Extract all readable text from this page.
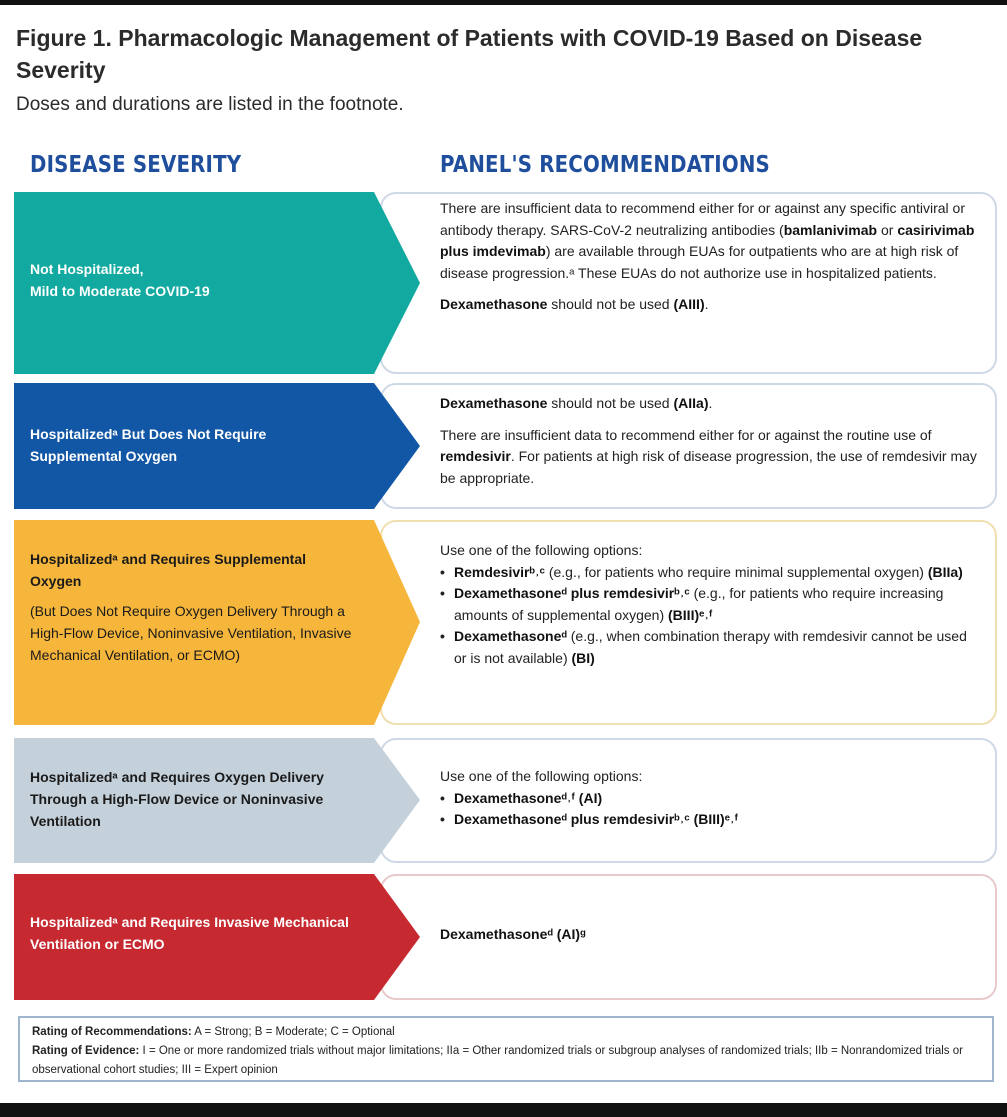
Figure 1. Pharmacologic Management of Patients with COVID-19 Based on Disease Severity
Doses and durations are listed in the footnote.
DISEASE SEVERITY	PANEL'S RECOMMENDATIONS
Not Hospitalized,
Mild to Moderate COVID-19

There are insufficient data to recommend either for or against any specific antiviral or antibody therapy. SARS-CoV-2 neutralizing antibodies (bamlanivimab or casirivimab plus imdevimab) are available through EUAs for outpatients who are at high risk of disease progression.ᵃ These EUAs do not authorize use in hospitalized patients.

Dexamethasone should not be used (AIII).

Hospitalizedᵃ But Does Not Require Supplemental Oxygen

Dexamethasone should not be used (AIIa).

There are insufficient data to recommend either for or against the routine use of remdesivir. For patients at high risk of disease progression, the use of remdesivir may be appropriate.

Hospitalizedᵃ and Requires Supplemental Oxygen
(But Does Not Require Oxygen Delivery Through a High-Flow Device, Noninvasive Ventilation, Invasive Mechanical Ventilation, or ECMO)

Use one of the following options:

• Remdesivirᵇ˒ᶜ (e.g., for patients who require minimal supplemental oxygen) (BIIa)
• Dexamethasoneᵈ plus remdesivirᵇ˒ᶜ (e.g., for patients who require increasing amounts of supplemental oxygen) (BIII)ᵉ˒ᶠ
• Dexamethasoneᵈ (e.g., when combination therapy with remdesivir cannot be used or is not available) (BI)
Hospitalizedᵃ and Requires Oxygen Delivery Through a High-Flow Device or Noninvasive Ventilation

Use one of the following options:

• Dexamethasoneᵈ˒ᶠ (AI)
• Dexamethasoneᵈ plus remdesivirᵇ˒ᶜ (BIII)ᵉ˒ᶠ
Hospitalizedᵃ and Requires Invasive Mechanical Ventilation or ECMO

Dexamethasoneᵈ (AI)ᵍ

Rating of Recommendations: A = Strong; B = Moderate; C = Optional
Rating of Evidence: I = One or more randomized trials without major limitations; IIa = Other randomized trials or subgroup analyses of randomized trials; IIb = Nonrandomized trials or observational cohort studies; III = Expert opinion
